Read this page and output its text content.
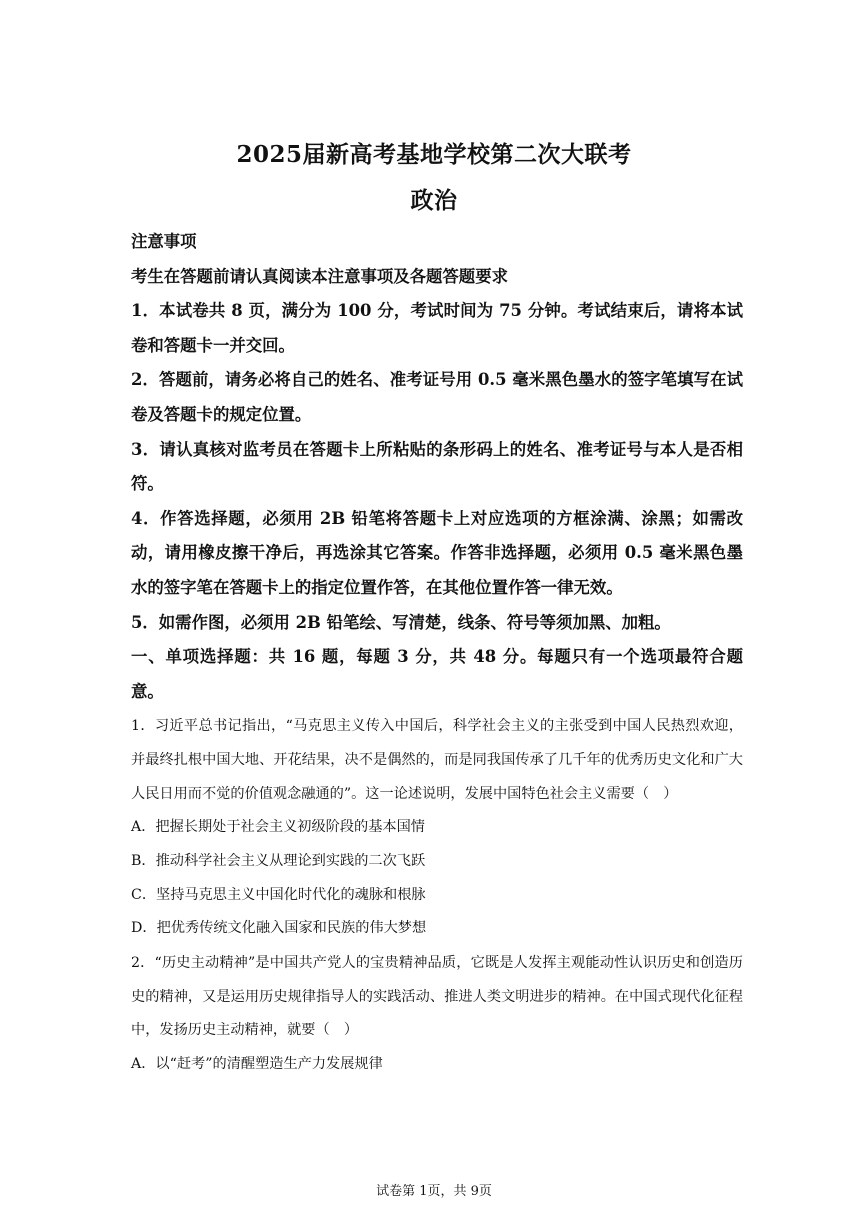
2025届新高考基地学校第二次大联考
政治

注意事项

考生在答题前请认真阅读本注意事项及各题答题要求

1．本试卷共 8 页，满分为 100 分，考试时间为 75 分钟。考试结束后，请将本试卷和答题卡一并交回。

2．答题前，请务必将自己的姓名、准考证号用 0.5 毫米黑色墨水的签字笔填写在试卷及答题卡的规定位置。

3．请认真核对监考员在答题卡上所粘贴的条形码上的姓名、准考证号与本人是否相符。

4．作答选择题，必须用 2B 铅笔将答题卡上对应选项的方框涂满、涂黑；如需改动，请用橡皮擦干净后，再选涂其它答案。作答非选择题，必须用 0.5 毫米黑色墨水的签字笔在答题卡上的指定位置作答，在其他位置作答一律无效。

5．如需作图，必须用 2B 铅笔绘、写清楚，线条、符号等须加黑、加粗。

一、单项选择题：共 16 题，每题 3 分，共 48 分。每题只有一个选项最符合题意。

1．习近平总书记指出，“马克思主义传入中国后，科学社会主义的主张受到中国人民热烈欢迎，并最终扎根中国大地、开花结果，决不是偶然的，而是同我国传承了几千年的优秀历史文化和广大人民日用而不觉的价值观念融通的”。这一论述说明，发展中国特色社会主义需要（　）

A．把握长期处于社会主义初级阶段的基本国情

B．推动科学社会主义从理论到实践的二次飞跃

C．坚持马克思主义中国化时代化的魂脉和根脉

D．把优秀传统文化融入国家和民族的伟大梦想

2．“历史主动精神”是中国共产党人的宝贵精神品质，它既是人发挥主观能动性认识历史和创造历史的精神，又是运用历史规律指导人的实践活动、推进人类文明进步的精神。在中国式现代化征程中，发扬历史主动精神，就要（　）

A．以“赶考”的清醒塑造生产力发展规律

试卷第 1页，共 9页
